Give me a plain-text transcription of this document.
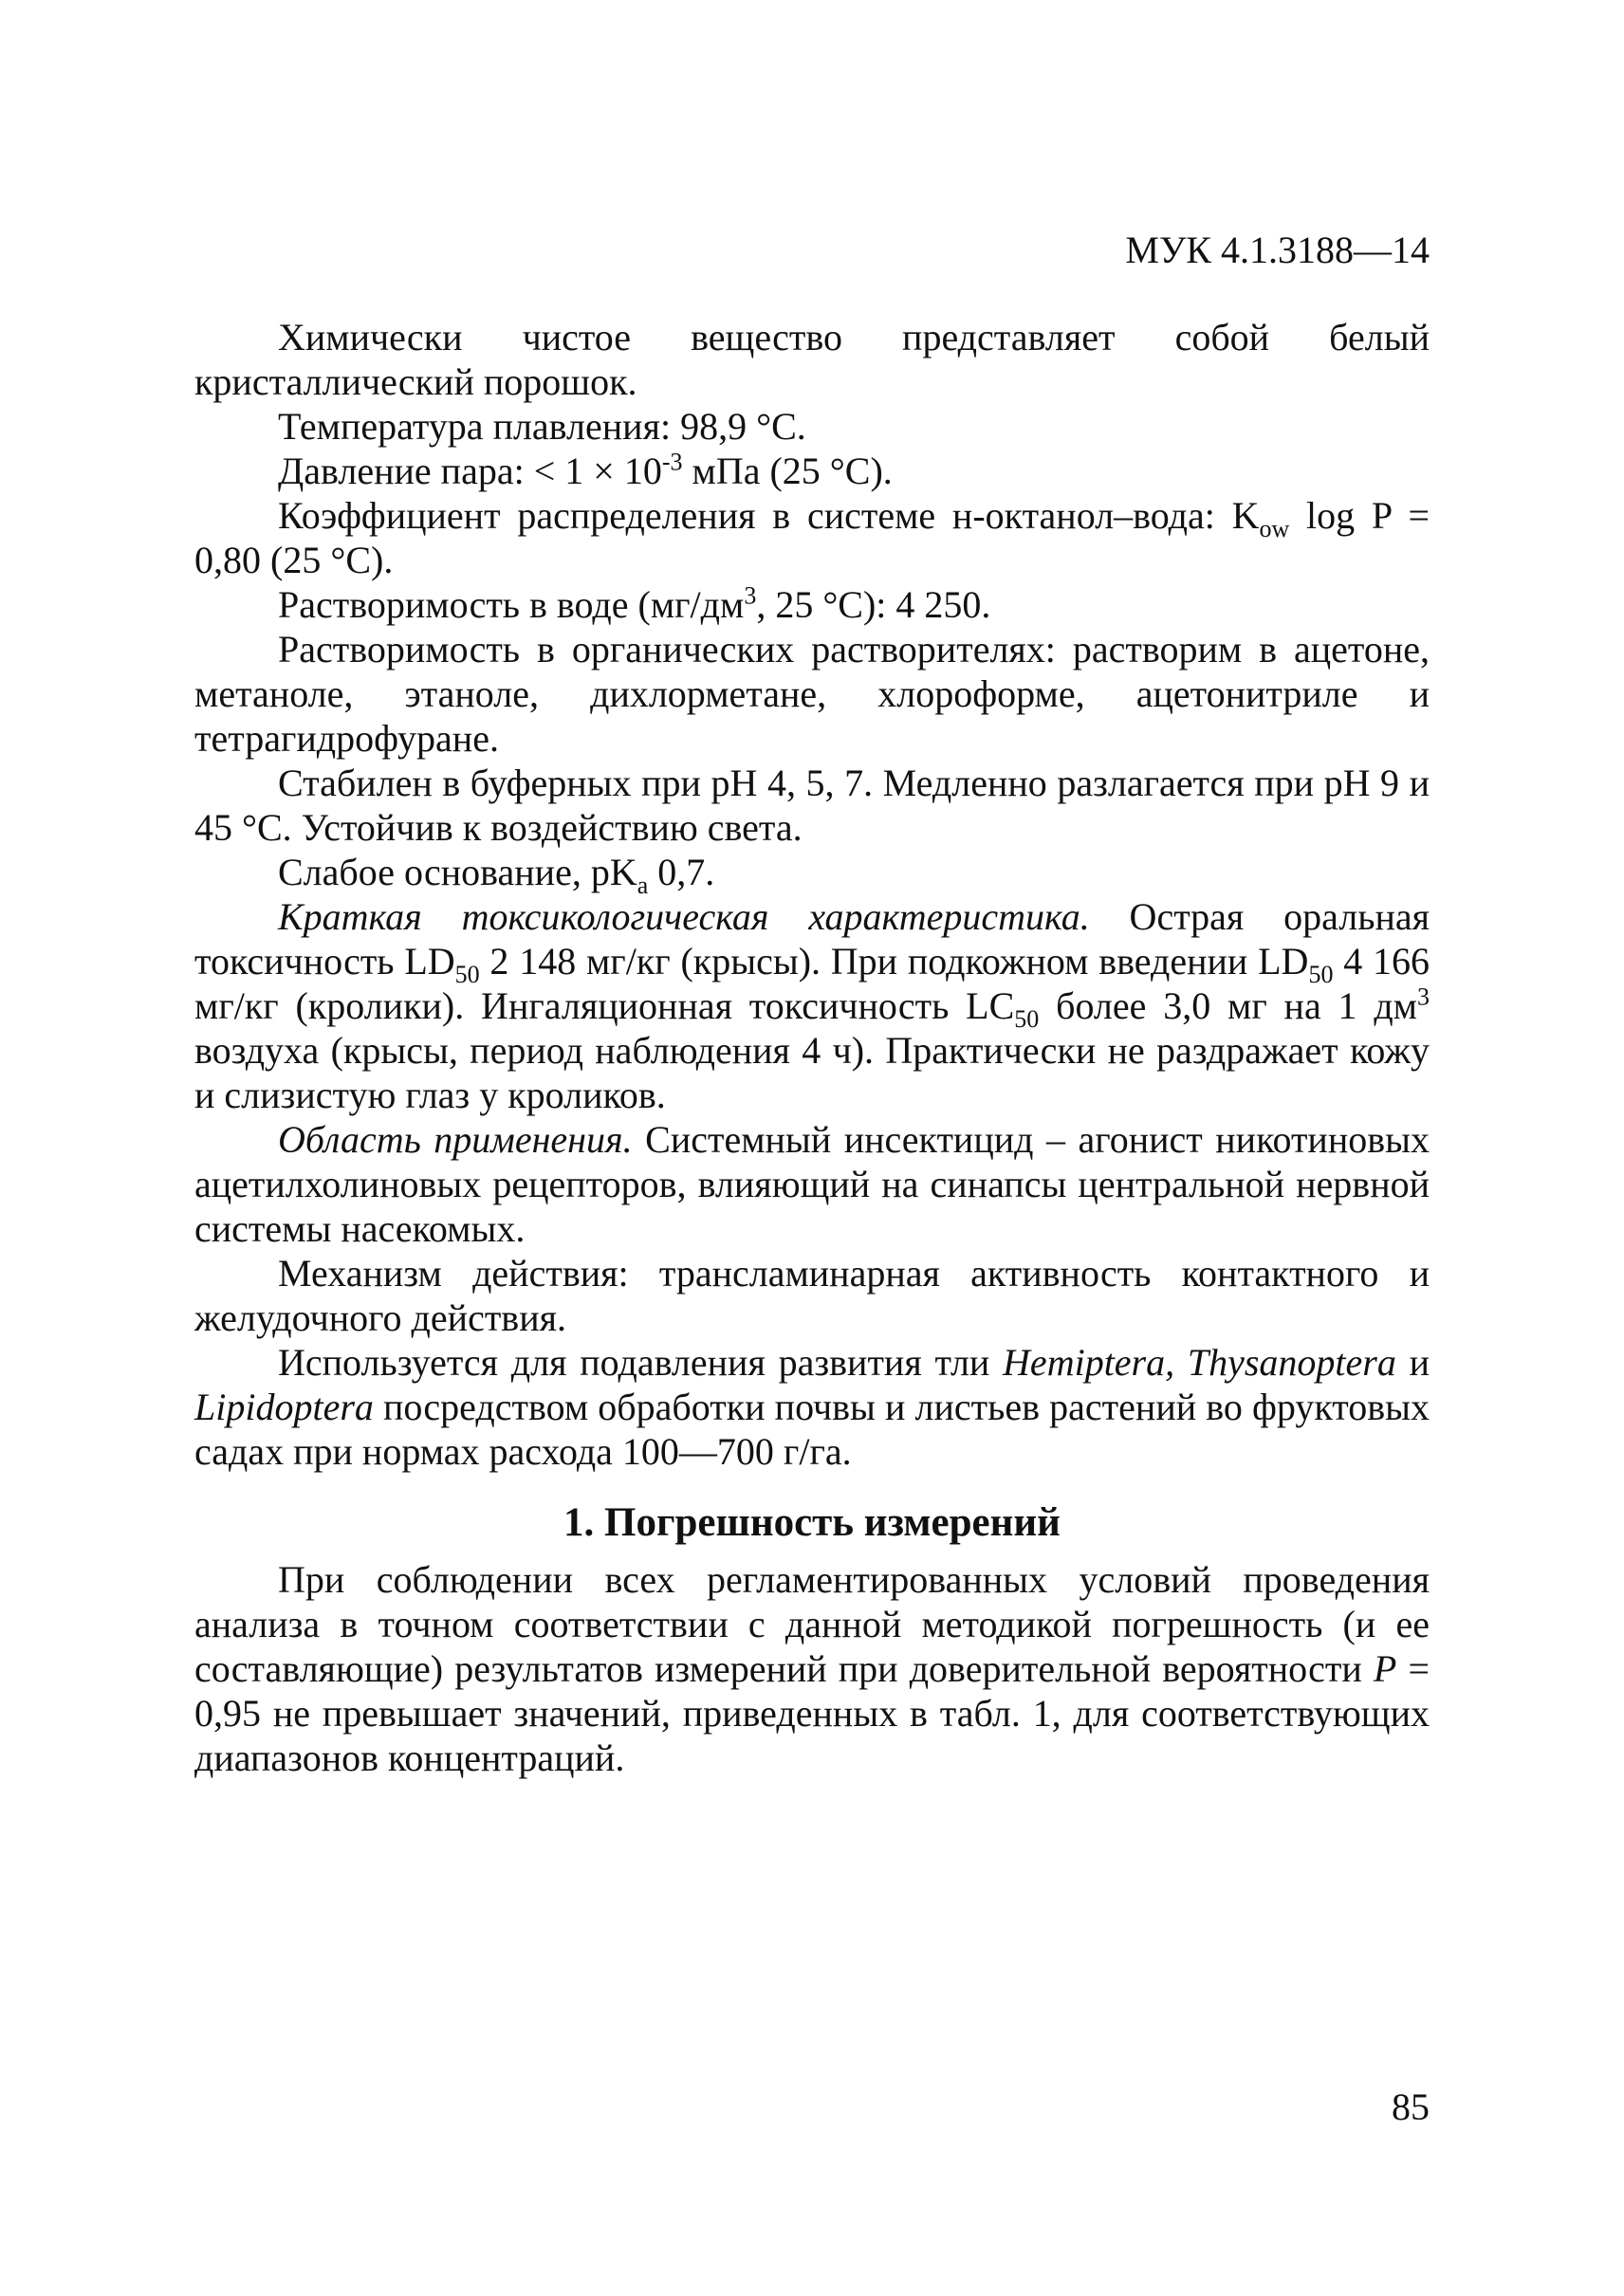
МУК 4.1.3188—14

Химически чистое вещество представляет собой белый кристаллический порошок.

Температура плавления: 98,9 °С.

Давление пара: < $1 \times 10^{-3}$ мПа (25 °С).

Коэффициент распределения в системе н-октанол–вода: $K_{ow}$ log P = 0,80 (25 °С).

Растворимость в воде ($мг/дм^3$, 25 °С): 4 250.

Растворимость в органических растворителях: растворим в ацетоне, метаноле, этаноле, дихлорметане, хлороформе, ацетонитриле и тетрагидрофуране.

Стабилен в буферных при pH 4, 5, 7. Медленно разлагается при pH 9 и 45 °С. Устойчив к воздействию света.

Слабое основание, $pK_a$ 0,7.

Краткая токсикологическая характеристика. Острая оральная токсичность $LD_{50}$ 2 148 мг/кг (крысы). При подкожном введении $LD_{50}$ 4 166 мг/кг (кролики). Ингаляционная токсичность $LC_{50}$ более 3,0 мг на 1 $дм^3$ воздуха (крысы, период наблюдения 4 ч). Практически не раздражает кожу и слизистую глаз у кроликов.

Область применения. Системный инсектицид – агонист никотиновых ацетилхолиновых рецепторов, влияющий на синапсы центральной нервной системы насекомых.

Механизм действия: трансламинарная активность контактного и желудочного действия.

Используется для подавления развития тли Hemiptera, Thysanoptera и Lipidoptera посредством обработки почвы и листьев растений во фруктовых садах при нормах расхода 100—700 г/га.

1. Погрешность измерений

При соблюдении всех регламентированных условий проведения анализа в точном соответствии с данной методикой погрешность (и ее составляющие) результатов измерений при доверительной вероятности P = 0,95 не превышает значений, приведенных в табл. 1, для соответствующих диапазонов концентраций.

85
